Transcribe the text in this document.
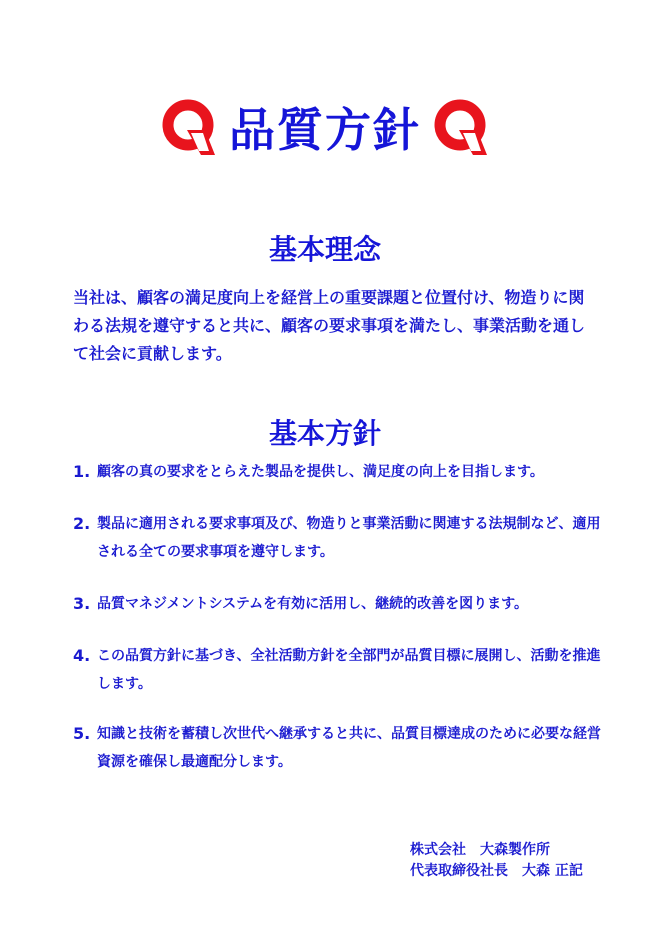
品質方針
基本理念
当社は、顧客の満足度向上を経営上の重要課題と位置付け、物造りに関わる法規を遵守すると共に、顧客の要求事項を満たし、事業活動を通して社会に貢献します。
基本方針
1. 顧客の真の要求をとらえた製品を提供し、満足度の向上を目指します。
2. 製品に適用される要求事項及び、物造りと事業活動に関連する法規制など、適用される全ての要求事項を遵守します。
3. 品質マネジメントシステムを有効に活用し、継続的改善を図ります。
4. この品質方針に基づき、全社活動方針を全部門が品質目標に展開し、活動を推進します。
5. 知識と技術を蓄積し次世代へ継承すると共に、品質目標達成のために必要な経営資源を確保し最適配分します。
株式会社　大森製作所
代表取締役社長　大森 正記
